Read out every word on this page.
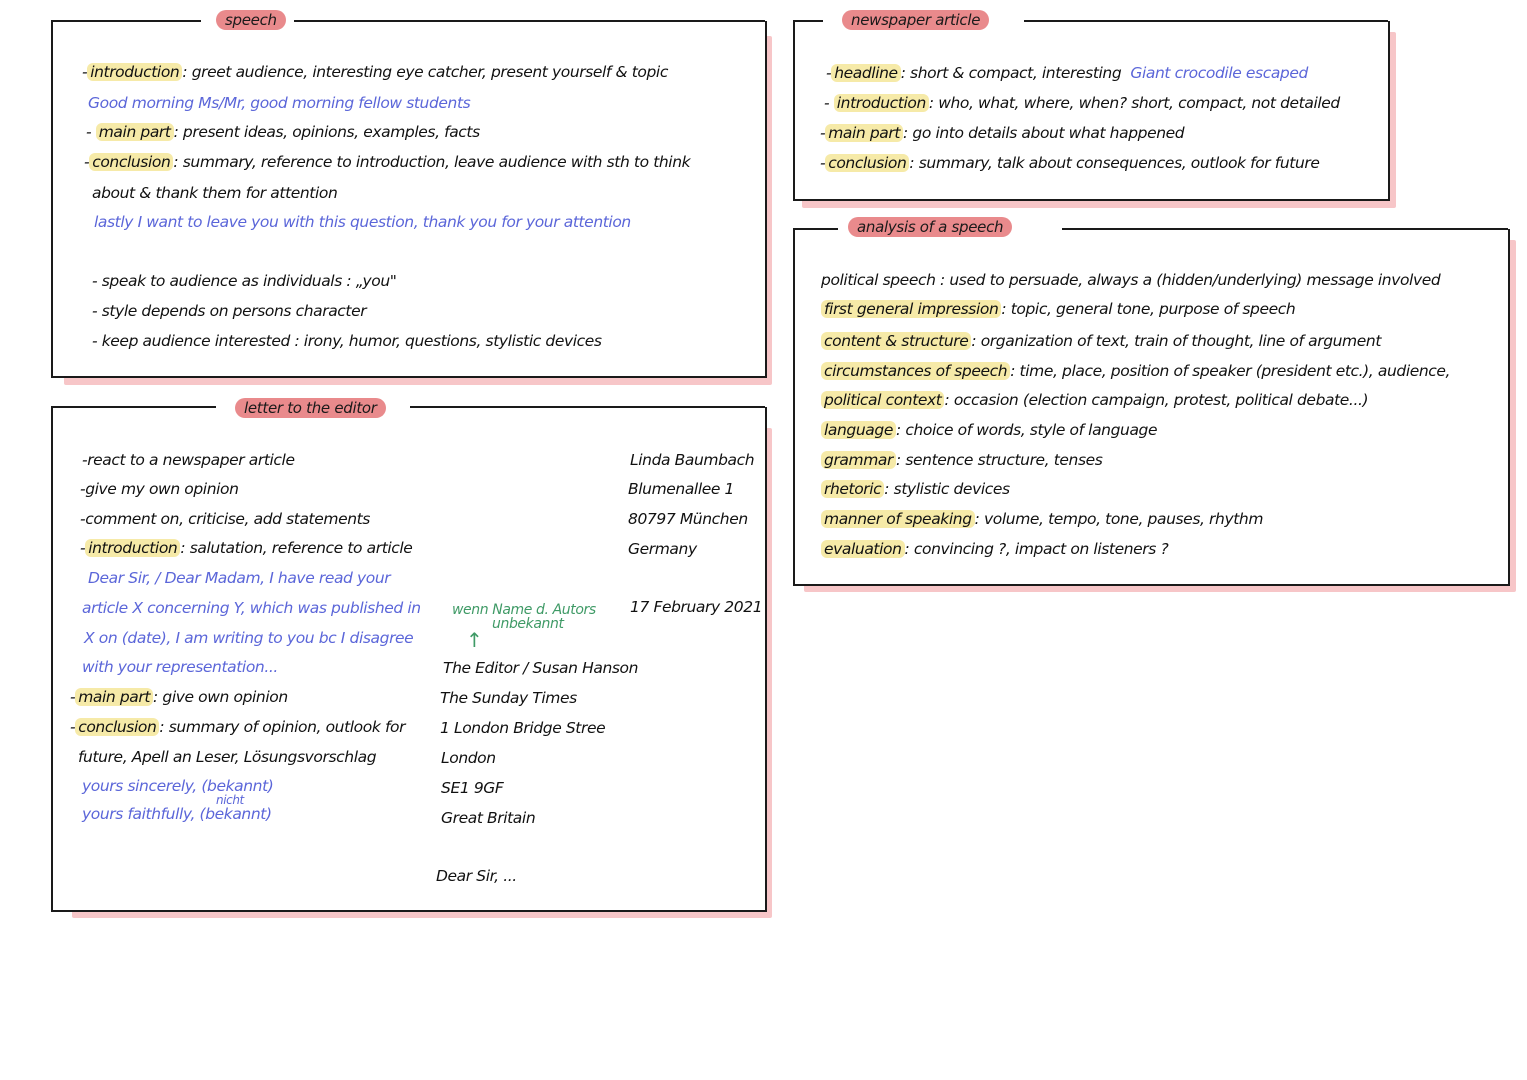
speech
- introduction : greet audience, interesting eye catcher, present yourself & topic
Good morning Ms/Mr, good morning fellow students
- main part : present ideas, opinions, examples, facts
- conclusion : summary, reference to introduction, leave audience with sth to think
about & thank them for attention
lastly I want to leave you with this question, thank you for your attention
- speak to audience as individuals : „you"
- style depends on persons character
- keep audience interested : irony, humor, questions, stylistic devices
newspaper article
- headline : short & compact, interesting Giant crocodile escaped
- introduction : who, what, where, when? short, compact, not detailed
- main part : go into details about what happened
- conclusion : summary, talk about consequences, outlook for future
analysis of a speech
political speech : used to persuade, always a (hidden/underlying) message involved
first general impression : topic, general tone, purpose of speech
content & structure : organization of text, train of thought, line of argument
circumstances of speech : time, place, position of speaker (president etc.), audience,
political context : occasion (election campaign, protest, political debate...)
language : choice of words, style of language
grammar : sentence structure, tenses
rhetoric : stylistic devices
manner of speaking : volume, tempo, tone, pauses, rhythm
evaluation : convincing ?, impact on listeners ?
letter to the editor
-react to a newspaper article
-give my own opinion
-comment on, criticise, add statements
- introduction : salutation, reference to article
Dear Sir, / Dear Madam, I have read your
article X concerning Y, which was published in
X on (date), I am writing to you bc I disagree
with your representation...
- main part : give own opinion
- conclusion : summary of opinion, outlook for
future, Apell an Leser, Lösungsvorschlag
yours sincerely, (bekannt)
nicht
yours faithfully, (bekannt)
Linda Baumbach
Blumenallee 1
80797 München
Germany
17 February 2021
wenn Name d. Autors
unbekannt
↑
The Editor / Susan Hanson
The Sunday Times
1 London Bridge Stree
London
SE1 9GF
Great Britain
Dear Sir, ...
